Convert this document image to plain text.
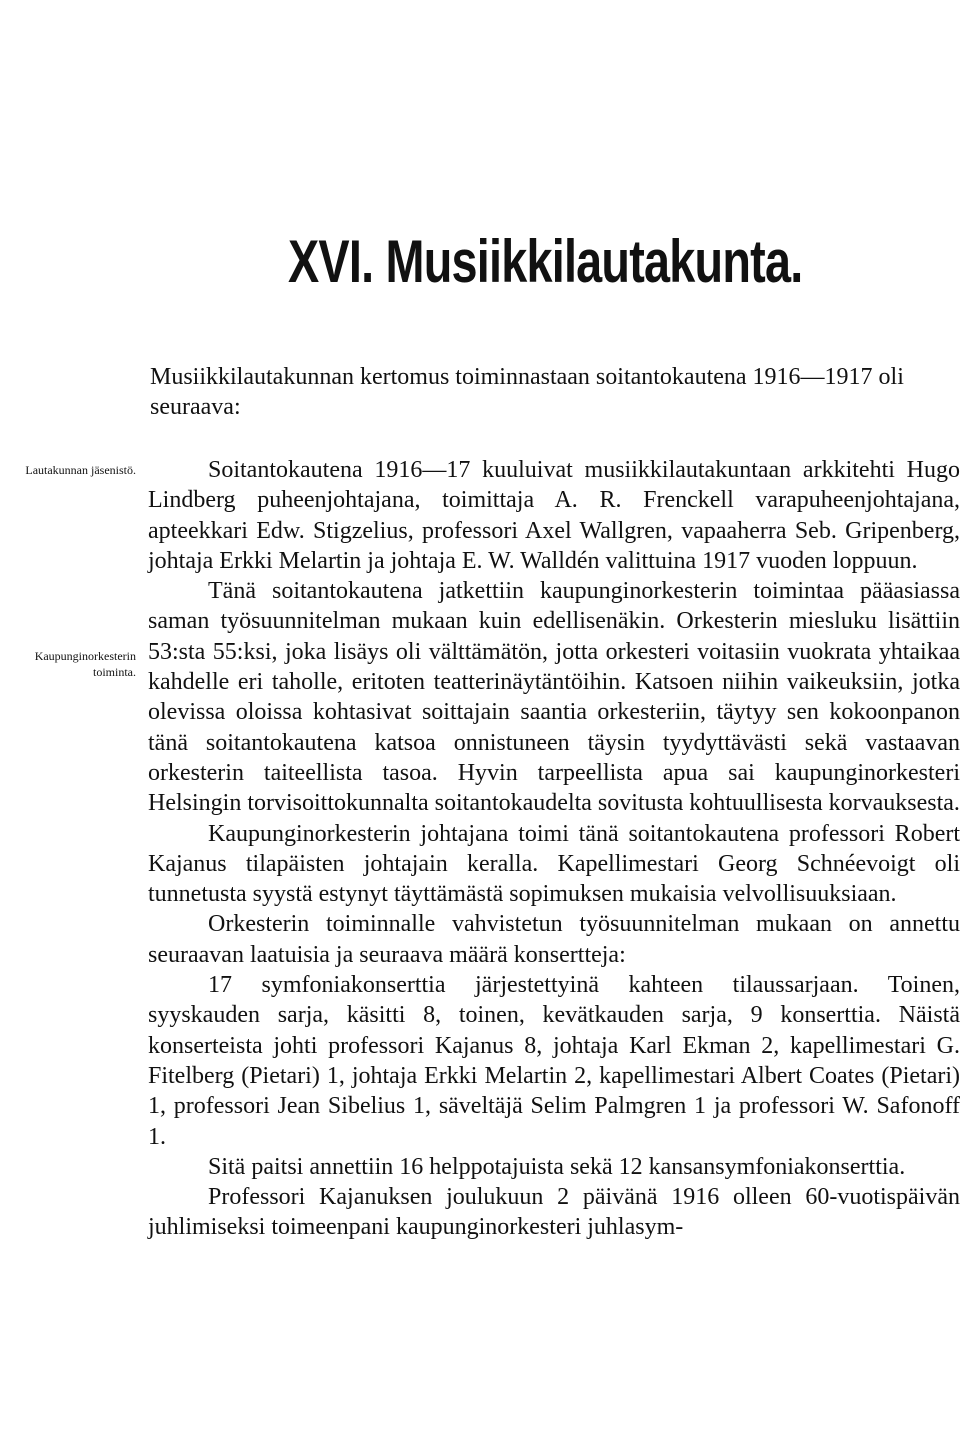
XVI. Musiikkilautakunta.
Musiikkilautakunnan kertomus toiminnastaan soitantokautena 1916—1917 oli seuraava:
Lautakunnan jäsenistö.
Kaupunginorkesterin toiminta.

Soitantokautena 1916—17 kuuluivat musiikkilautakuntaan arkkitehti Hugo Lindberg puheenjohtajana, toimittaja A. R. Frenckell varapuheenjohtajana, apteekkari Edw. Stigzelius, professori Axel Wallgren, vapaaherra Seb. Gripenberg, johtaja Erkki Melartin ja johtaja E. W. Walldén valittuina 1917 vuoden loppuun.

Tänä soitantokautena jatkettiin kaupunginorkesterin toimintaa pääasiassa saman työsuunnitelman mukaan kuin edellisenäkin. Orkesterin miesluku lisättiin 53:sta 55:ksi, joka lisäys oli välttämätön, jotta orkesteri voitasiin vuokrata yhtaikaa kahdelle eri taholle, eritoten teatterinäytäntöihin. Katsoen niihin vaikeuksiin, jotka olevissa oloissa kohtasivat soittajain saantia orkesteriin, täytyy sen kokoonpanon tänä soitantokautena katsoa onnistuneen täysin tyydyttävästi sekä vastaavan orkesterin taiteellista tasoa. Hyvin tarpeellista apua sai kaupunginorkesteri Helsingin torvisoittokunnalta soitantokaudelta sovitusta kohtuullisesta korvauksesta.

Kaupunginorkesterin johtajana toimi tänä soitantokautena professori Robert Kajanus tilapäisten johtajain keralla. Kapellimestari Georg Schnéevoigt oli tunnetusta syystä estynyt täyttämästä sopimuksen mukaisia velvollisuuksiaan.

Orkesterin toiminnalle vahvistetun työsuunnitelman mukaan on annettu seuraavan laatuisia ja seuraava määrä konsertteja:

17 symfoniakonserttia järjestettyinä kahteen tilaussarjaan. Toinen, syyskauden sarja, käsitti 8, toinen, kevätkauden sarja, 9 konserttia. Näistä konserteista johti professori Kajanus 8, johtaja Karl Ekman 2, kapellimestari G. Fitelberg (Pietari) 1, johtaja Erkki Melartin 2, kapellimestari Albert Coates (Pietari) 1, professori Jean Sibelius 1, säveltäjä Selim Palmgren 1 ja professori W. Safonoff 1.

Sitä paitsi annettiin 16 helppotajuista sekä 12 kansansymfoniakonserttia.

Professori Kajanuksen joulukuun 2 päivänä 1916 olleen 60-vuotispäivän juhlimiseksi toimeenpani kaupunginorkesteri juhlasym-
